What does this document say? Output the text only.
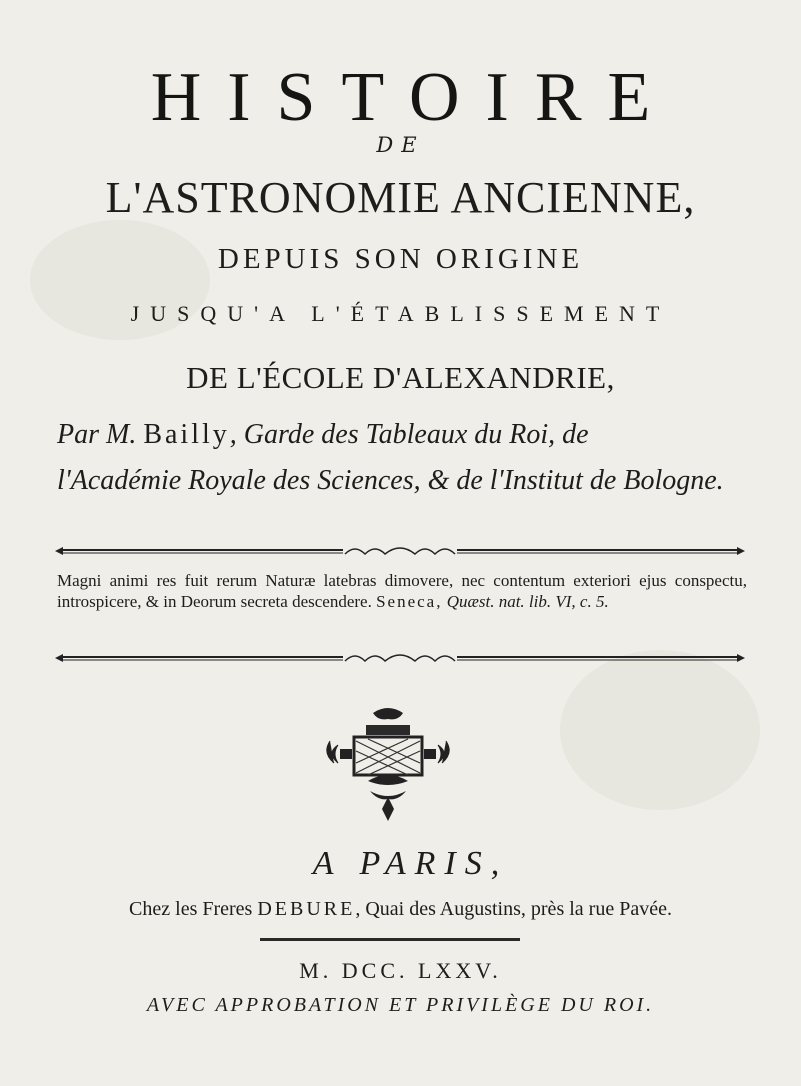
HISTOIRE
DE
L'ASTRONOMIE ANCIENNE,
DEPUIS SON ORIGINE
JUSQU'A L'ÉTABLISSEMENT
DE L'ÉCOLE D'ALEXANDRIE,
Par M. Bailly, Garde des Tableaux du Roi, de
l'Académie Royale des Sciences, & de l'Institut de Bologne.
Magni animi res fuit rerum Naturæ latebras dimovere, nec contentum exteriori ejus conspectu, introspicere, & in Deorum secreta descendere. Seneca, Quæst. nat. lib. VI, c. 5.
A PARIS,
Chez les Freres DEBURE, Quai des Augustins, près la rue Pavée.
M. DCC. LXXV.
AVEC APPROBATION ET PRIVILÈGE DU ROI.
